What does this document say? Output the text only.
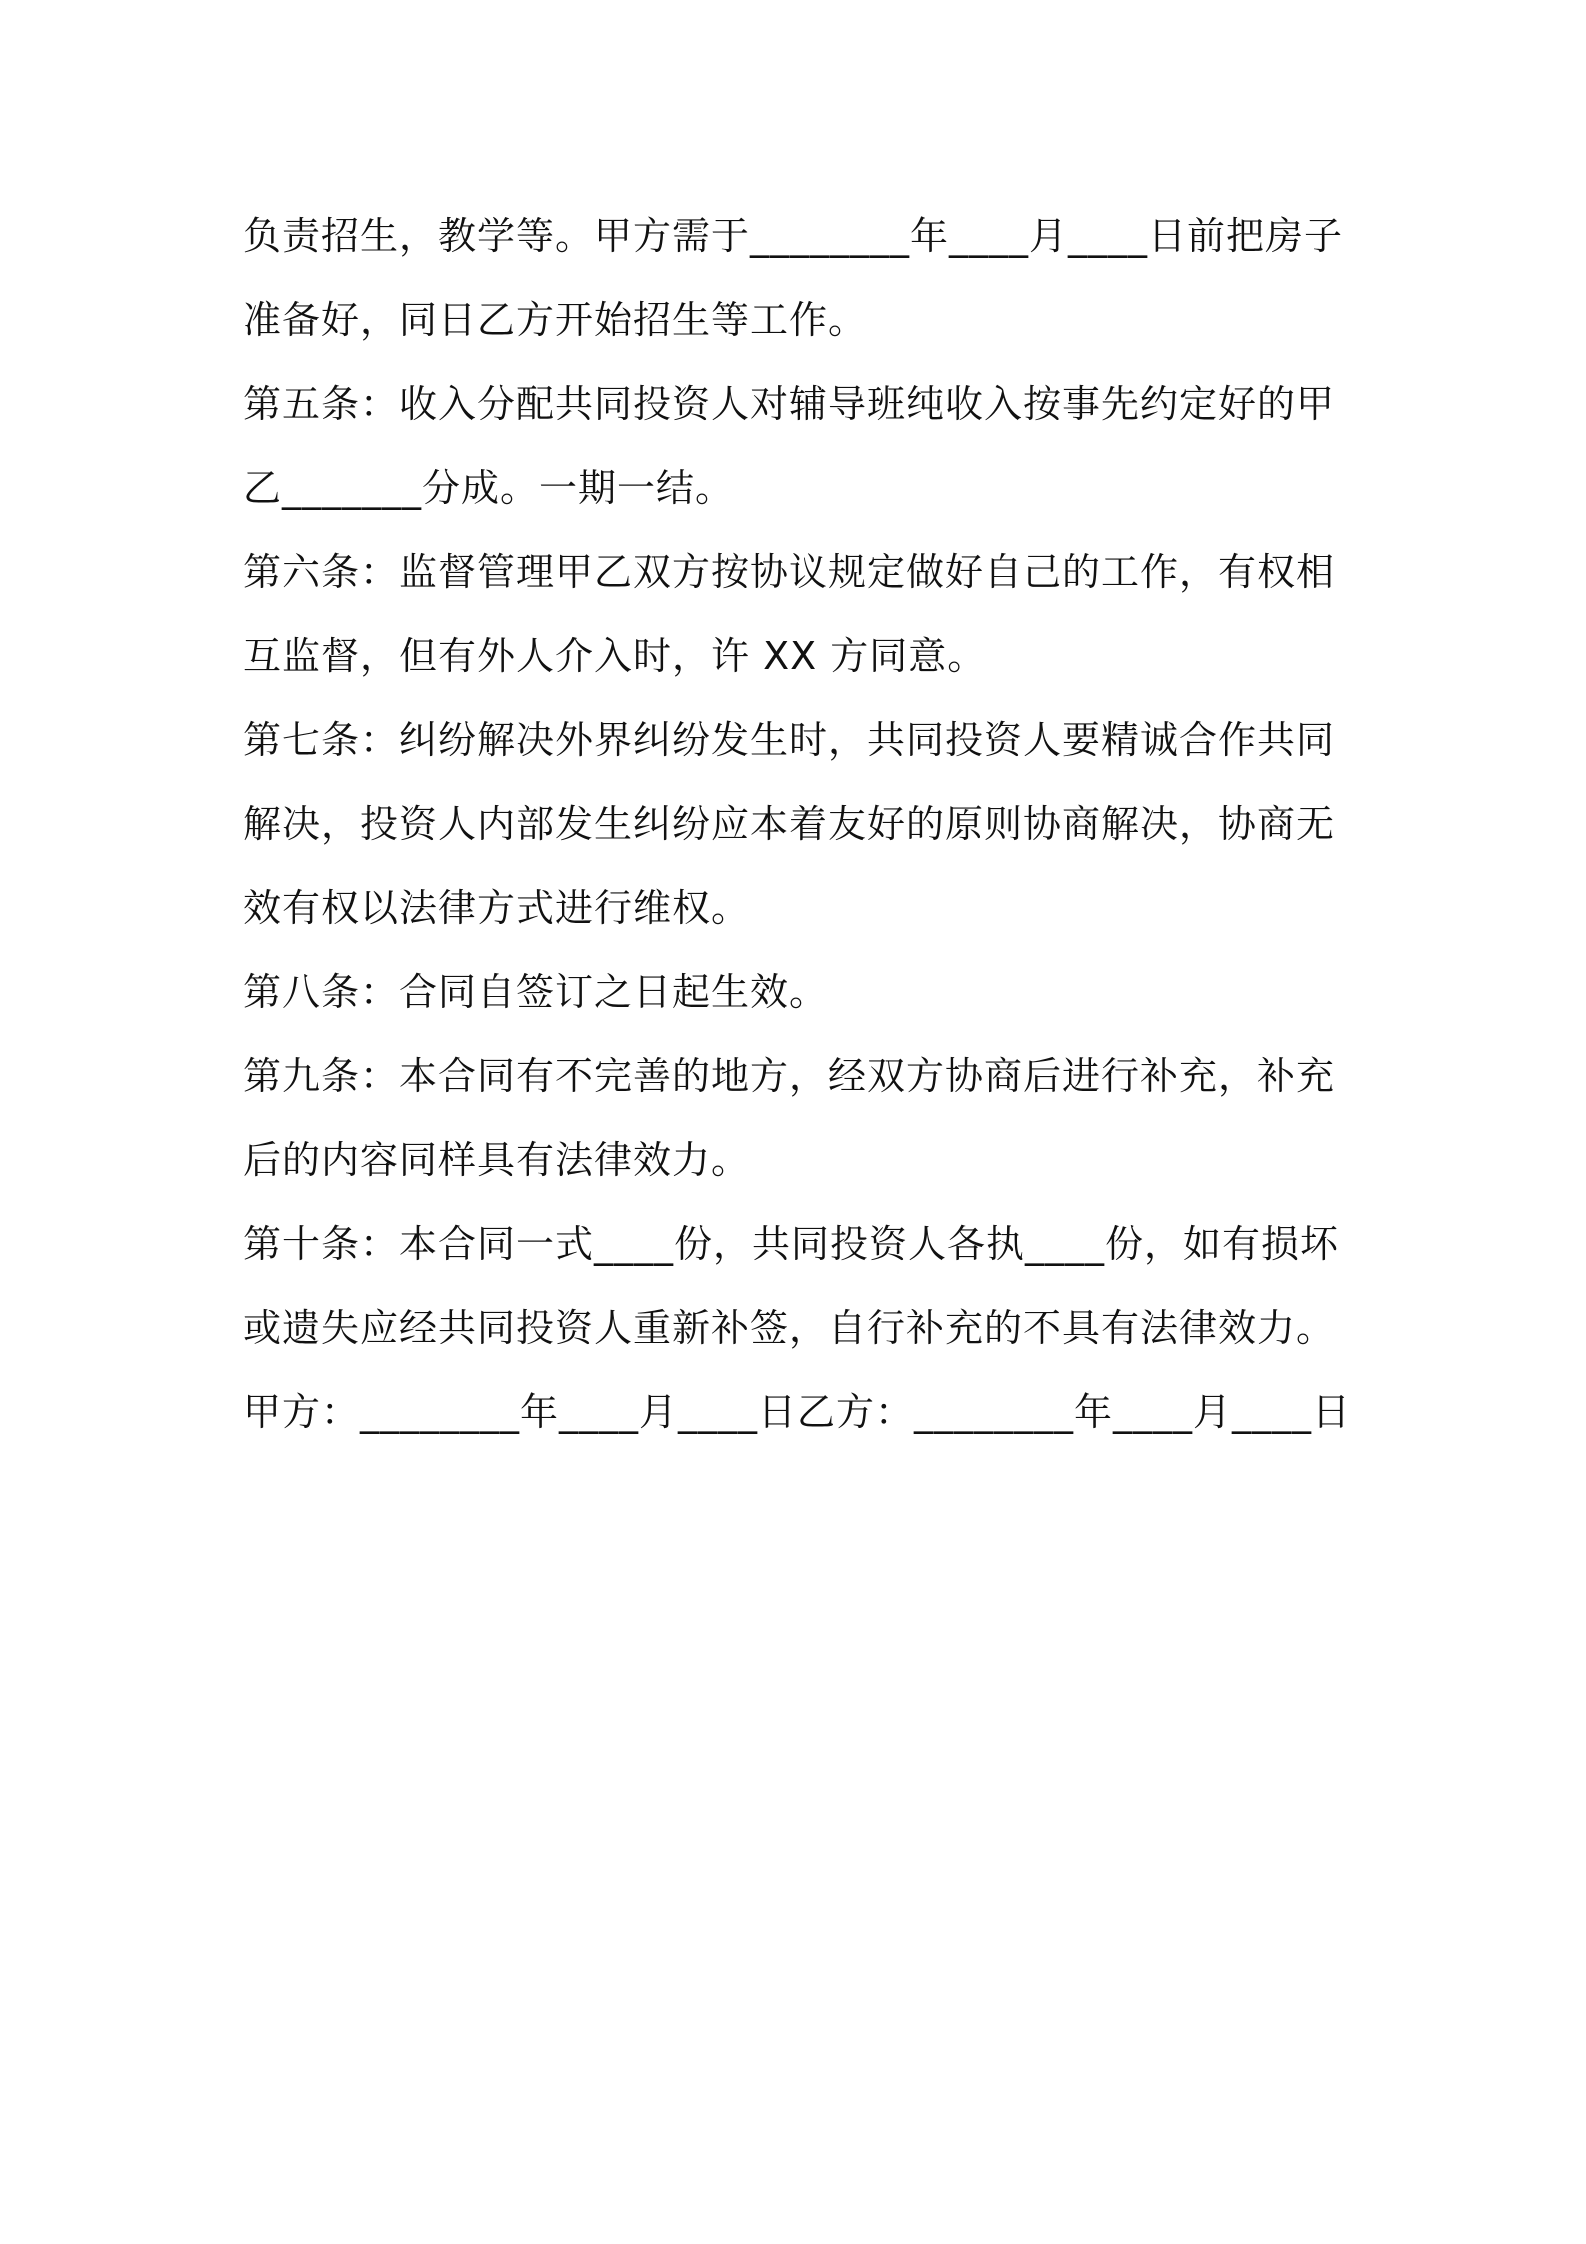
负责招生，教学等。甲方需于________年____月____日前把房子准备好，同日乙方开始招生等工作。

第五条：收入分配共同投资人对辅导班纯收入按事先约定好的甲乙_______分成。一期一结。

第六条：监督管理甲乙双方按协议规定做好自己的工作，有权相互监督，但有外人介入时，许 XX 方同意。

第七条：纠纷解决外界纠纷发生时，共同投资人要精诚合作共同解决，投资人内部发生纠纷应本着友好的原则协商解决，协商无效有权以法律方式进行维权。

第八条：合同自签订之日起生效。

第九条：本合同有不完善的地方，经双方协商后进行补充，补充后的内容同样具有法律效力。

第十条：本合同一式____份，共同投资人各执____份，如有损坏或遗失应经共同投资人重新补签，自行补充的不具有法律效力。

甲方：________年____月____日乙方：________年____月____日
